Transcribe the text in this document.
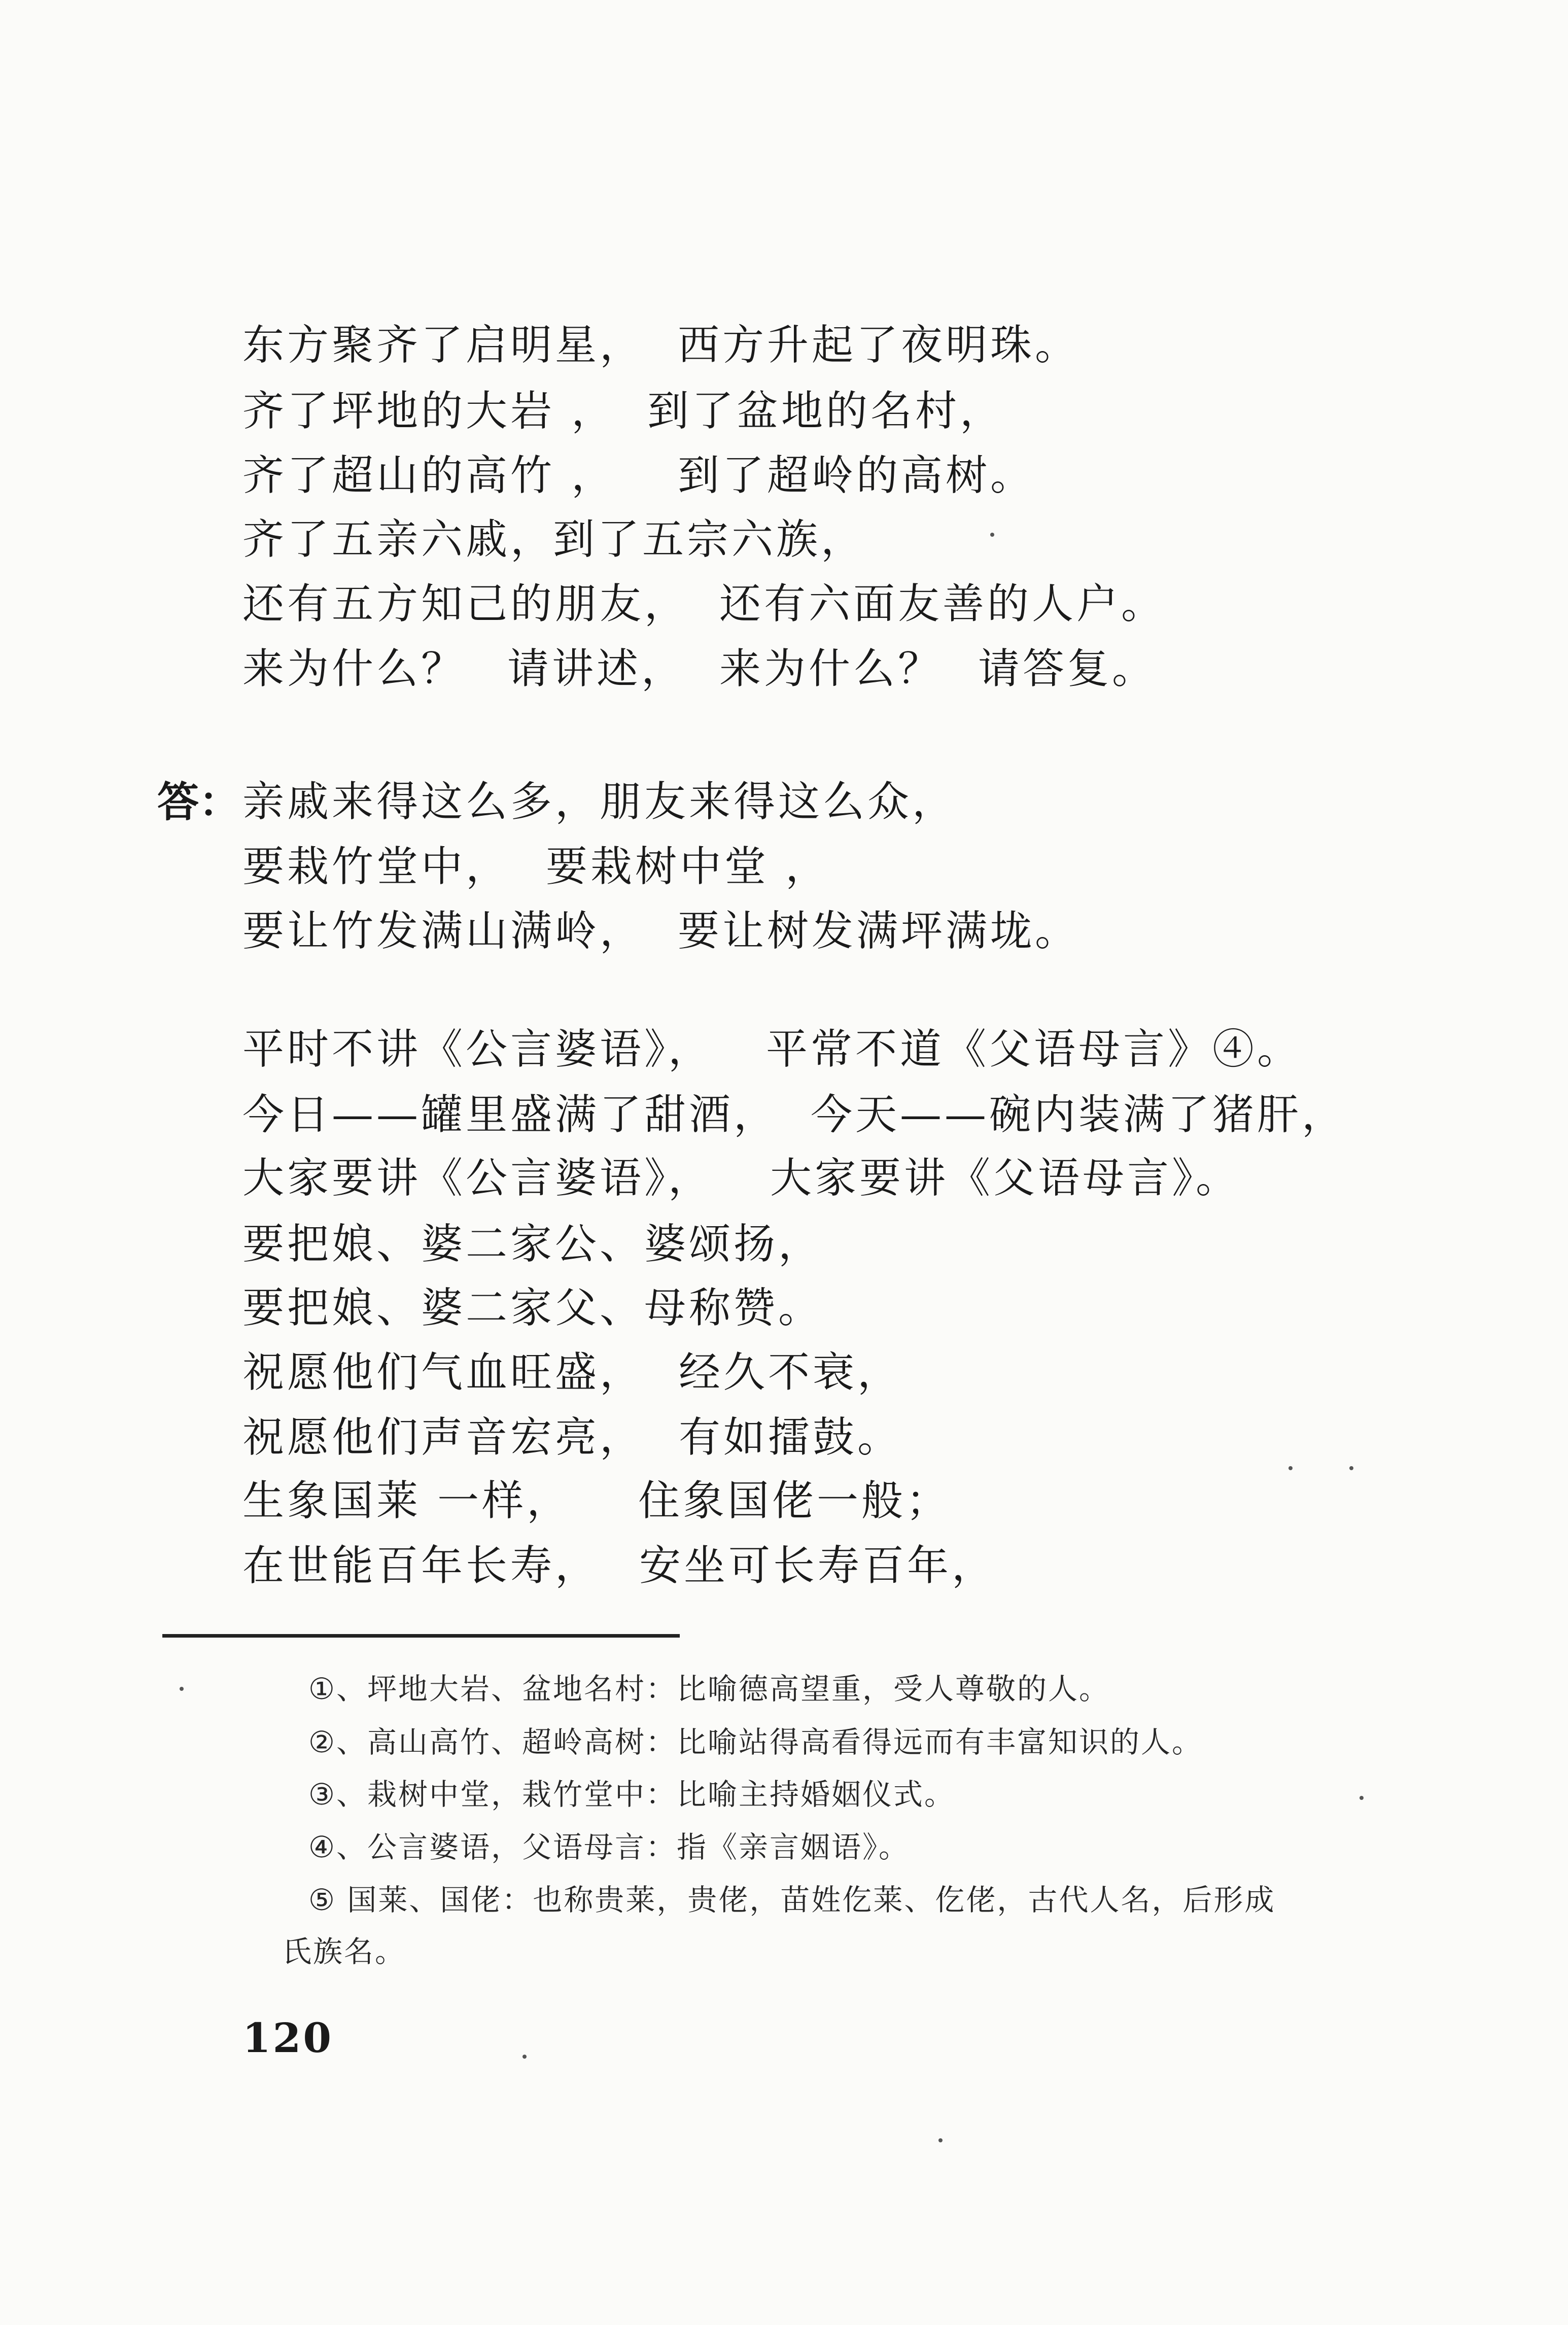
东方聚齐了启明星， 西方升起了夜明珠。
齐了坪地的大岩 ， 到了盆地的名村，
齐了超山的高竹 ， 到了超岭的高树。
齐了五亲六戚，
到了五宗六族，
还有五方知己的朋友， 还有六面友善的人户。
来为什么？ 请讲述， 来为什么？ 请答复。
答： 亲戚来得这么多，朋友来得这么众，
要栽竹堂中， 要栽树中堂 ，
要让竹发满山满岭， 要让树发满坪满垅。
平时不讲《公言婆语》， 平常不道《父语母言》④。
今日——罐里盛满了甜酒， 今天——碗内装满了猪肝，
大家要讲《公言婆语》， 大家要讲《父语母言》。
要把娘、婆二家公、婆颂扬，
要把娘、婆二家父、母称赞。
祝愿他们气血旺盛， 经久不衰，
祝愿他们声音宏亮， 有如擂鼓。
生象国莱 一样， 住象国佬一般；
在世能百年长寿， 安坐可长寿百年，
①、坪地大岩、盆地名村：比喻德高望重，受人尊敬的人。
②、高山高竹、超岭高树：比喻站得高看得远而有丰富知识的人。
③、栽树中堂，栽竹堂中：比喻主持婚姻仪式。
④、公言婆语，父语母言：指《亲言姻语》。
⑤ 国莱、国佬：也称贵莱，贵佬，苗姓仡莱、仡佬，古代人名，后形成
氏族名。
120
